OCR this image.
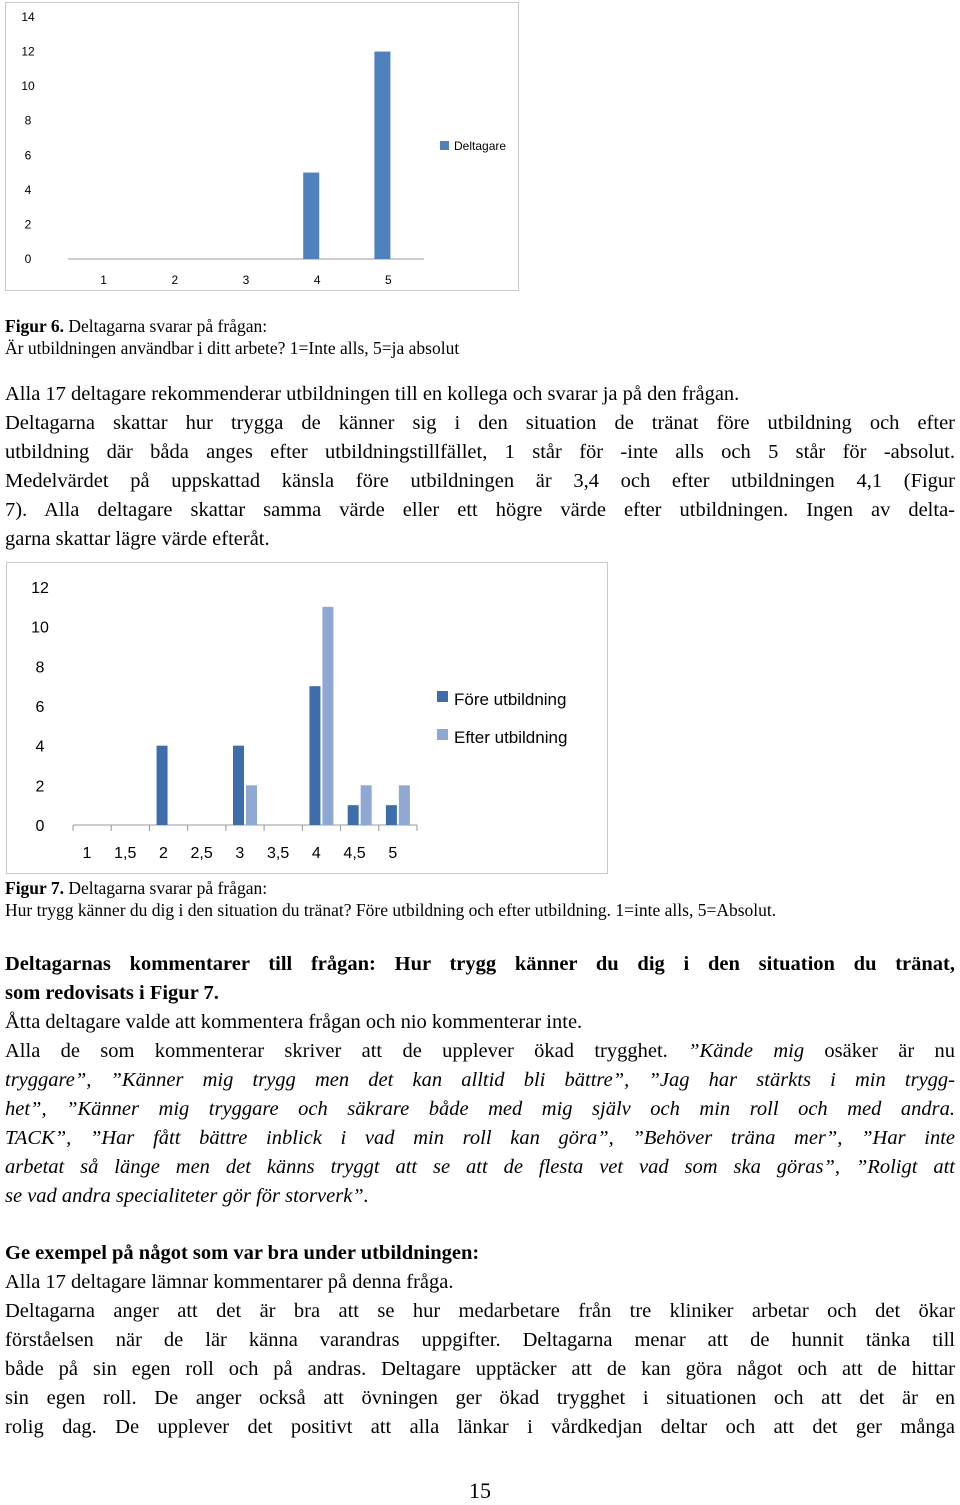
0
2
4
6
8
10
12
14
1	2	3	4	5
Deltagare
Figur 6. Deltagarna svarar på frågan:
Är utbildningen användbar i ditt arbete? 1=Inte alls, 5=ja absolut
Alla 17 deltagare rekommenderar utbildningen till en kollega och svarar ja på den frågan.
Deltagarna skattar hur trygga de känner sig i den situation de tränat före utbildning och efter
utbildning där båda anges efter utbildningstillfället, 1 står för -inte alls och 5 står för -absolut.
Medelvärdet på uppskattad känsla före utbildningen är 3,4 och efter utbildningen 4,1 (Figur
7). Alla deltagare skattar samma värde eller ett högre värde efter utbildningen. Ingen av delta-
garna skattar lägre värde efteråt.
0
2
4
6
8
10
12
1 1,5 2 2,5 3 3,5 4 4,5 5
Före utbildning
Efter utbildning
Figur 7. Deltagarna svarar på frågan:
Hur trygg känner du dig i den situation du tränat? Före utbildning och efter utbildning. 1=inte alls, 5=Absolut.
Deltagarnas kommentarer till frågan: Hur trygg känner du dig i den situation du tränat,
som redovisats i Figur 7.
Åtta deltagare valde att kommentera frågan och nio kommenterar inte.
Alla de som kommenterar skriver att de upplever ökad trygghet. ”Kände mig osäker är nu
tryggare”, ”Känner mig trygg men det kan alltid bli bättre”, ”Jag har stärkts i min trygg-
het”, ”Känner mig tryggare och säkrare både med mig själv och min roll och med andra.
TACK”, ”Har fått bättre inblick i vad min roll kan göra”, ”Behöver träna mer”, ”Har inte
arbetat så länge men det känns tryggt att se att de flesta vet vad som ska göras”, ”Roligt att
se vad andra specialiteter gör för storverk”.
Ge exempel på något som var bra under utbildningen:
Alla 17 deltagare lämnar kommentarer på denna fråga.
Deltagarna anger att det är bra att se hur medarbetare från tre kliniker arbetar och det ökar
förståelsen när de lär känna varandras uppgifter. Deltagarna menar att de hunnit tänka till
både på sin egen roll och på andras. Deltagare upptäcker att de kan göra något och att de hittar
sin egen roll. De anger också att övningen ger ökad trygghet i situationen och att det är en
rolig dag. De upplever det positivt att alla länkar i vårdkedjan deltar och att det ger många
15
